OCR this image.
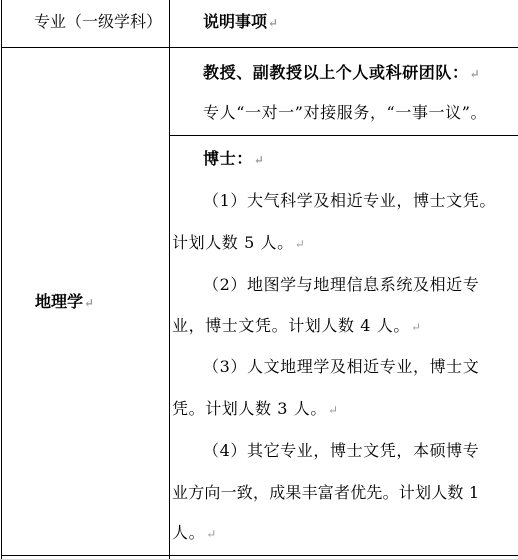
专业（一级学科）	说明事项↵
地理学↵
教授、副教授以上个人或科研团队：↵
专人“一对一”对接服务，“一事一议”。
博士：↵
（1）大气科学及相近专业，博士文凭。
计划人数 5 人。↵
（2）地图学与地理信息系统及相近专
业，博士文凭。计划人数 4 人。↵
（3）人文地理学及相近专业，博士文
凭。计划人数 3 人。↵
（4）其它专业，博士文凭，本硕博专
业方向一致，成果丰富者优先。计划人数 1
人。↵
